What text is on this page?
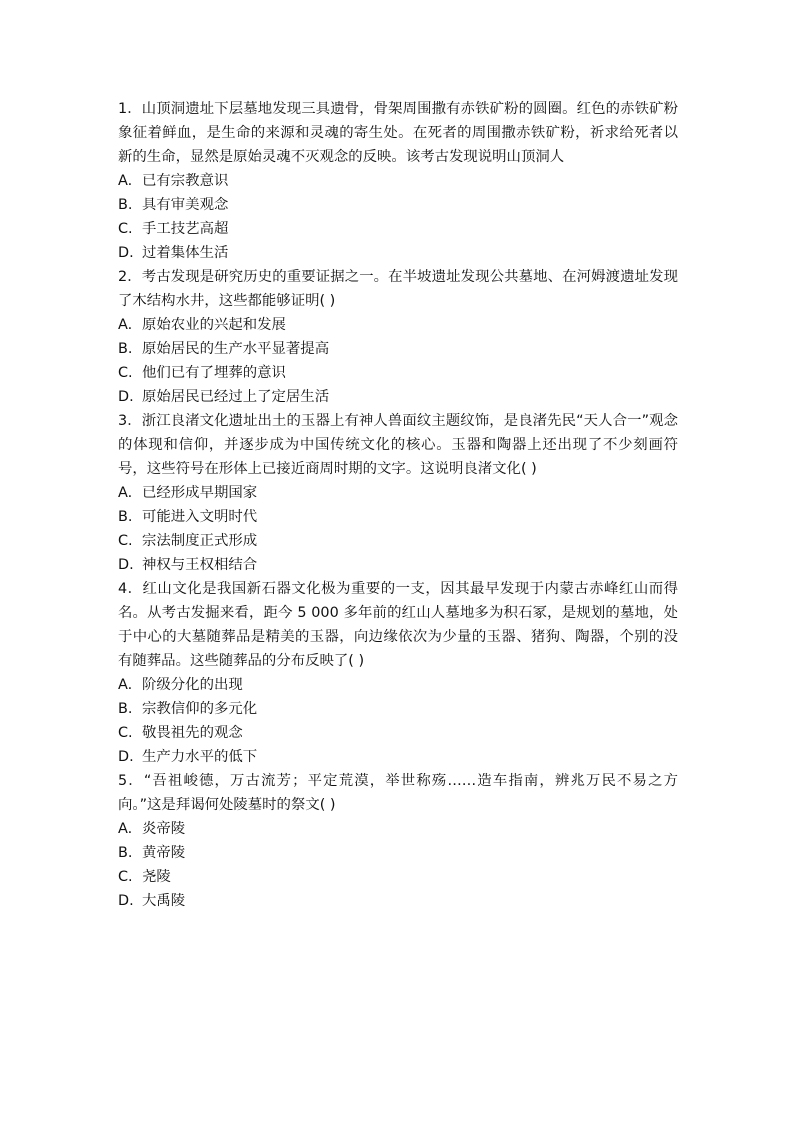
1．山顶洞遗址下层墓地发现三具遗骨，骨架周围撒有赤铁矿粉的圆圈。红色的赤铁矿粉象征着鲜血，是生命的来源和灵魂的寄生处。在死者的周围撒赤铁矿粉，祈求给死者以新的生命，显然是原始灵魂不灭观念的反映。该考古发现说明山顶洞人

A. 已有宗教意识
B. 具有审美观念
C. 手工技艺高超
D. 过着集体生活

2．考古发现是研究历史的重要证据之一。在半坡遗址发现公共墓地、在河姆渡遗址发现了木结构水井，这些都能够证明( )

A. 原始农业的兴起和发展
B. 原始居民的生产水平显著提高
C. 他们已有了埋葬的意识
D. 原始居民已经过上了定居生活

3．浙江良渚文化遗址出土的玉器上有神人兽面纹主题纹饰，是良渚先民“天人合一”观念的体现和信仰，并逐步成为中国传统文化的核心。玉器和陶器上还出现了不少刻画符号，这些符号在形体上已接近商周时期的文字。这说明良渚文化( )

A. 已经形成早期国家
B. 可能进入文明时代
C. 宗法制度正式形成
D. 神权与王权相结合

4．红山文化是我国新石器文化极为重要的一支，因其最早发现于内蒙古赤峰红山而得名。从考古发掘来看，距今 5 000 多年前的红山人墓地多为积石冢，是规划的墓地，处于中心的大墓随葬品是精美的玉器，向边缘依次为少量的玉器、猪狗、陶器，个别的没有随葬品。这些随葬品的分布反映了( )

A. 阶级分化的出现
B. 宗教信仰的多元化
C. 敬畏祖先的观念
D. 生产力水平的低下

5．“吾祖峻德，万古流芳；平定荒漠，举世称殇……造车指南，辨兆万民不易之方向。”这是拜谒何处陵墓时的祭文( )

A. 炎帝陵
B. 黄帝陵
C. 尧陵
D. 大禹陵
